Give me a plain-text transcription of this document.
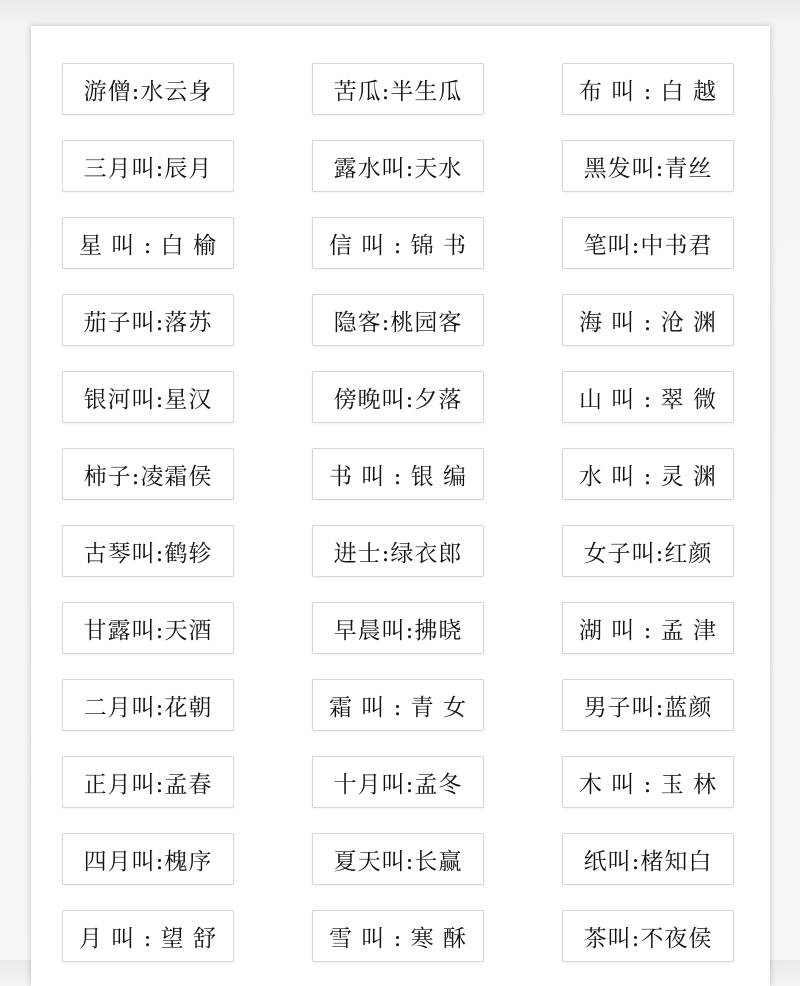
游僧:水云身	苦瓜:半生瓜	布 叫 : 白 越
三月叫:辰月	露水叫:天水	黑发叫:青丝
星 叫 : 白 榆	信 叫 : 锦 书	笔叫:中书君
茄子叫:落苏	隐客:桃园客	海 叫 : 沧 渊
银河叫:星汉	傍晚叫:夕落	山 叫 : 翠 微
柿子:凌霜侯	书 叫 : 银 编	水 叫 : 灵 渊
古琴叫:鹤轸	进士:绿衣郎	女子叫:红颜
甘露叫:天酒	早晨叫:拂晓	湖 叫 : 孟 津
二月叫:花朝	霜 叫 : 青 女	男子叫:蓝颜
正月叫:孟春	十月叫:孟冬	木 叫 : 玉 林
四月叫:槐序	夏天叫:长赢	纸叫:楮知白
月 叫 : 望 舒	雪 叫 : 寒 酥	茶叫:不夜侯
